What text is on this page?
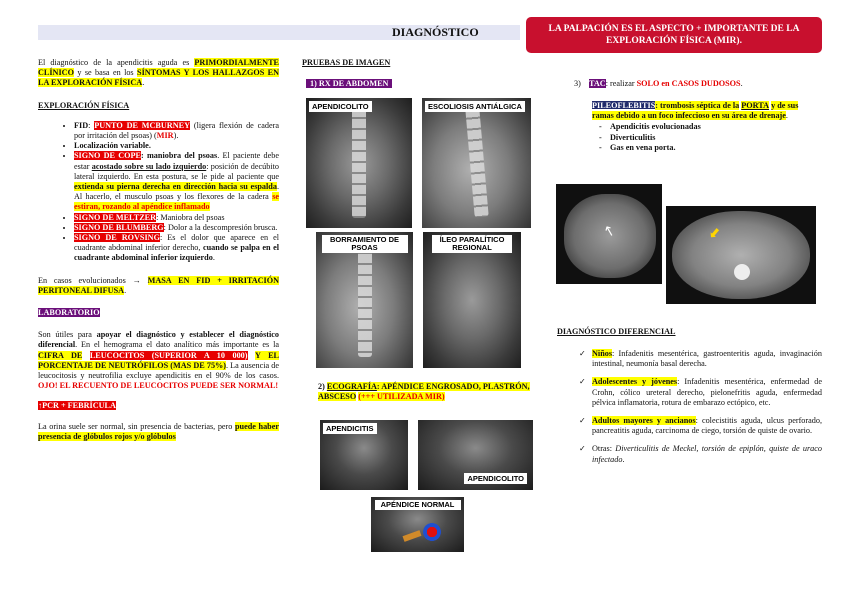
DIAGNÓSTICO	LA PALPACIÓN ES EL ASPECTO + IMPORTANTE DE LA EXPLORACIÓN FÍSICA (MIR).
El diagnóstico de la apendicitis aguda es PRIMORDIALMENTE CLÍNICO y se basa en los SÍNTOMAS Y LOS HALLAZGOS EN LA EXPLORACIÓN FÍSICA.
EXPLORACIÓN FÍSICA
• FID: PUNTO DE MCBURNEY (ligera flexión de cadera por irritación del psoas) (MIR).
• Localización variable.
• SIGNO DE COPE: maniobra del psoas. El paciente debe estar acostado sobre su lado izquierdo: posición de decúbito lateral izquierdo. En esta postura, se le pide al paciente que extienda su pierna derecha en dirección hacia su espalda. Al hacerlo, el musculo psoas y los flexores de la cadera se estiran, rozando al apéndice inflamado
• SIGNO DE MELTZER: Maniobra del psoas
• SIGNO DE BLUMBERG: Dolor a la descompresión brusca.
• SIGNO DE ROVSING: Es el dolor que aparece en el cuadrante abdominal inferior derecho, cuando se palpa en el cuadrante abdominal inferior izquierdo.
En casos evolucionados → MASA EN FID + IRRITACIÓN PERITONEAL DIFUSA.
LABORATORIO
Son útiles para apoyar el diagnóstico y establecer el diagnóstico diferencial. En el hemograma el dato analítico más importante es la CIFRA DE LEUCOCITOS (SUPERIOR A 10 000) Y EL PORCENTAJE DE NEUTRÓFILOS (MAS DE 75%). La ausencia de leucocitosis y neutrofilia excluye apendicitis en el 90% de los casos. OJO! EL RECUENTO DE LEUCOCITOS PUEDE SER NORMAL!
↑PCR + FEBRÍCULA
La orina suele ser normal, sin presencia de bacterias, pero puede haber presencia de glóbulos rojos y/o glóbulos
PRUEBAS DE IMAGEN
1) RX DE ABDOMEN
APENDICOLITO	ESCOLIOSIS ANTIÁLGICA
BORRAMIENTO DE PSOAS
ÍLEO PARALÍTICO REGIONAL
2) ECOGRAFÍA: APÉNDICE ENGROSADO, PLASTRÓN, ABSCESO (+++ UTILIZADA MIR)
APENDICITIS
APENDICOLITO
APÉNDICE NORMAL
3) TAC: realizar SOLO en CASOS DUDOSOS.
PILEOFLEBITIS: trombosis séptica de la PORTA y de sus ramas debido a un foco infeccioso en su área de drenaje.
- Apendicitis evolucionadas
- Diverticulitis
- Gas en vena porta.
↑	⬇
DIAGNÓSTICO DIFERENCIAL
✓ Niños: Infadenitis mesentérica, gastroenteritis aguda, invaginación intestinal, neumonía basal derecha.
✓ Adolescentes y jóvenes: Infadenitis mesentérica, enfermedad de Crohn, cólico ureteral derecho, pielonefritis aguda, enfermedad pélvica inflamatoria, rotura de embarazo ectópico, etc.
✓ Adultos mayores y ancianos: colecistitis aguda, ulcus perforado, pancreatitis aguda, carcinoma de ciego, torsión de quiste de ovario.
✓ Otras: Diverticulitis de Meckel, torsión de epiplón, quiste de uraco infectado.
